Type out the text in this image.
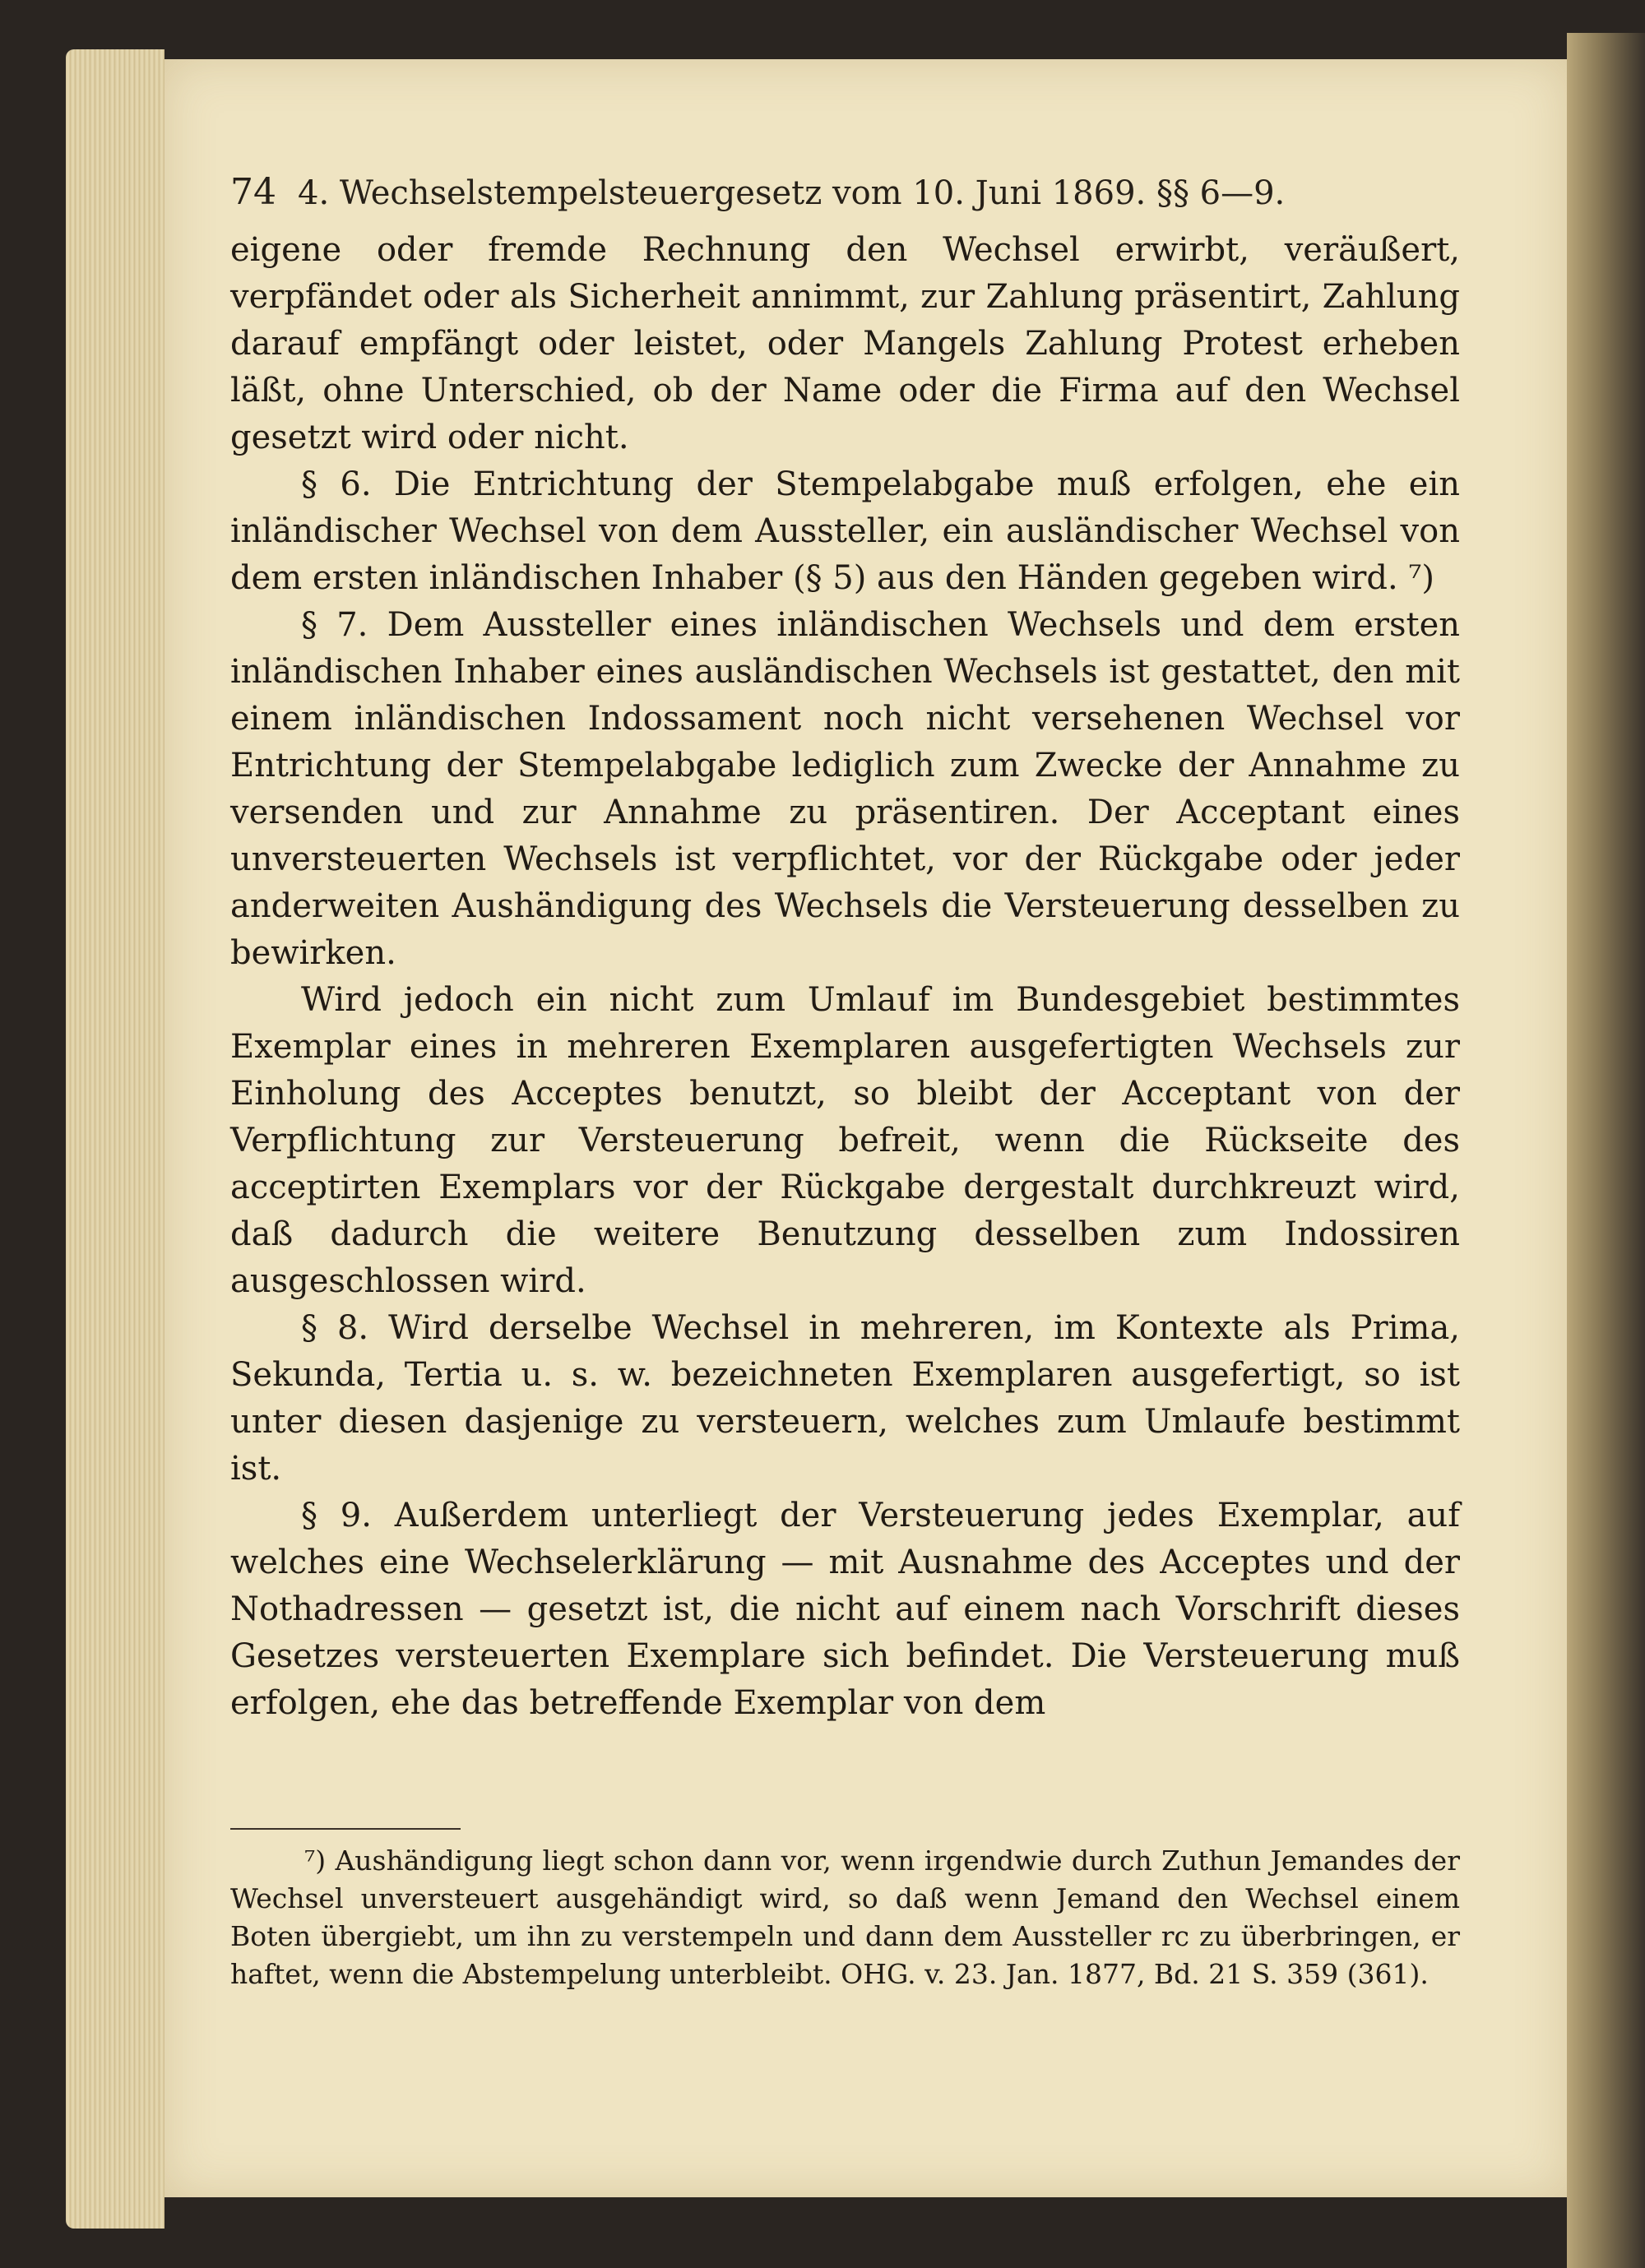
74 4. Wechselstempelsteuergesetz vom 10. Juni 1869. §§ 6—9.

eigene oder fremde Rechnung den Wechsel erwirbt, veräußert, verpfändet oder als Sicherheit annimmt, zur Zahlung präsentirt, Zahlung darauf empfängt oder leistet, oder Mangels Zahlung Protest erheben läßt, ohne Unterschied, ob der Name oder die Firma auf den Wechsel gesetzt wird oder nicht.

§ 6. Die Entrichtung der Stempelabgabe muß erfolgen, ehe ein inländischer Wechsel von dem Aussteller, ein ausländischer Wechsel von dem ersten inländischen Inhaber (§ 5) aus den Händen gegeben wird. ⁷)

§ 7. Dem Aussteller eines inländischen Wechsels und dem ersten inländischen Inhaber eines ausländischen Wechsels ist gestattet, den mit einem inländischen Indossament noch nicht versehenen Wechsel vor Entrichtung der Stempelabgabe lediglich zum Zwecke der Annahme zu versenden und zur Annahme zu präsentiren. Der Acceptant eines unversteuerten Wechsels ist verpflichtet, vor der Rückgabe oder jeder anderweiten Aushändigung des Wechsels die Versteuerung desselben zu bewirken.

Wird jedoch ein nicht zum Umlauf im Bundesgebiet bestimmtes Exemplar eines in mehreren Exemplaren ausgefertigten Wechsels zur Einholung des Acceptes benutzt, so bleibt der Acceptant von der Verpflichtung zur Versteuerung befreit, wenn die Rückseite des acceptirten Exemplars vor der Rückgabe dergestalt durchkreuzt wird, daß dadurch die weitere Benutzung desselben zum Indossiren ausgeschlossen wird.

§ 8. Wird derselbe Wechsel in mehreren, im Kontexte als Prima, Sekunda, Tertia u. s. w. bezeichneten Exemplaren ausgefertigt, so ist unter diesen dasjenige zu versteuern, welches zum Umlaufe bestimmt ist.

§ 9. Außerdem unterliegt der Versteuerung jedes Exemplar, auf welches eine Wechselerklärung — mit Ausnahme des Acceptes und der Nothadressen — gesetzt ist, die nicht auf einem nach Vorschrift dieses Gesetzes versteuerten Exemplare sich befindet. Die Versteuerung muß erfolgen, ehe das betreffende Exemplar von dem

⁷) Aushändigung liegt schon dann vor, wenn irgendwie durch Zuthun Jemandes der Wechsel unversteuert ausgehändigt wird, so daß wenn Jemand den Wechsel einem Boten übergiebt, um ihn zu verstempeln und dann dem Aussteller rc zu überbringen, er haftet, wenn die Abstempelung unterbleibt. OHG. v. 23. Jan. 1877, Bd. 21 S. 359 (361).
